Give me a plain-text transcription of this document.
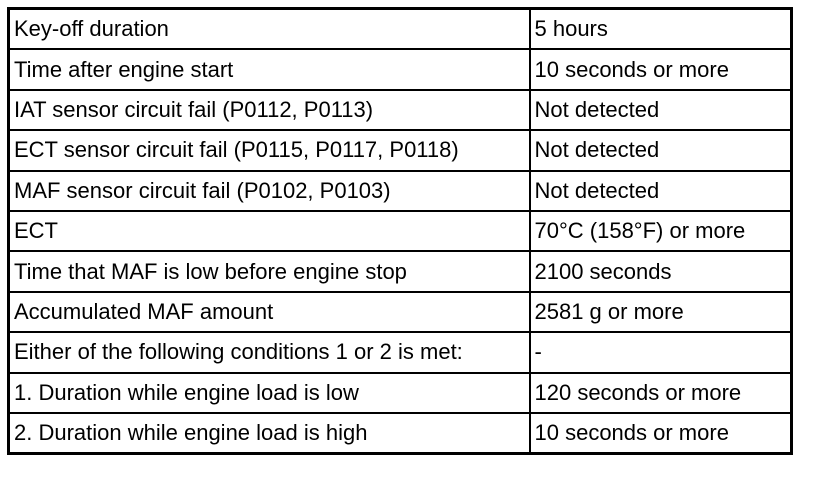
Key-off duration	5 hours
Time after engine start	10 seconds or more
IAT sensor circuit fail (P0112, P0113)	Not detected
ECT sensor circuit fail (P0115, P0117, P0118)	Not detected
MAF sensor circuit fail (P0102, P0103)	Not detected
ECT	70°C (158°F) or more
Time that MAF is low before engine stop	2100 seconds
Accumulated MAF amount	2581 g or more
Either of the following conditions 1 or 2 is met:	-
1. Duration while engine load is low	120 seconds or more
2. Duration while engine load is high	10 seconds or more
